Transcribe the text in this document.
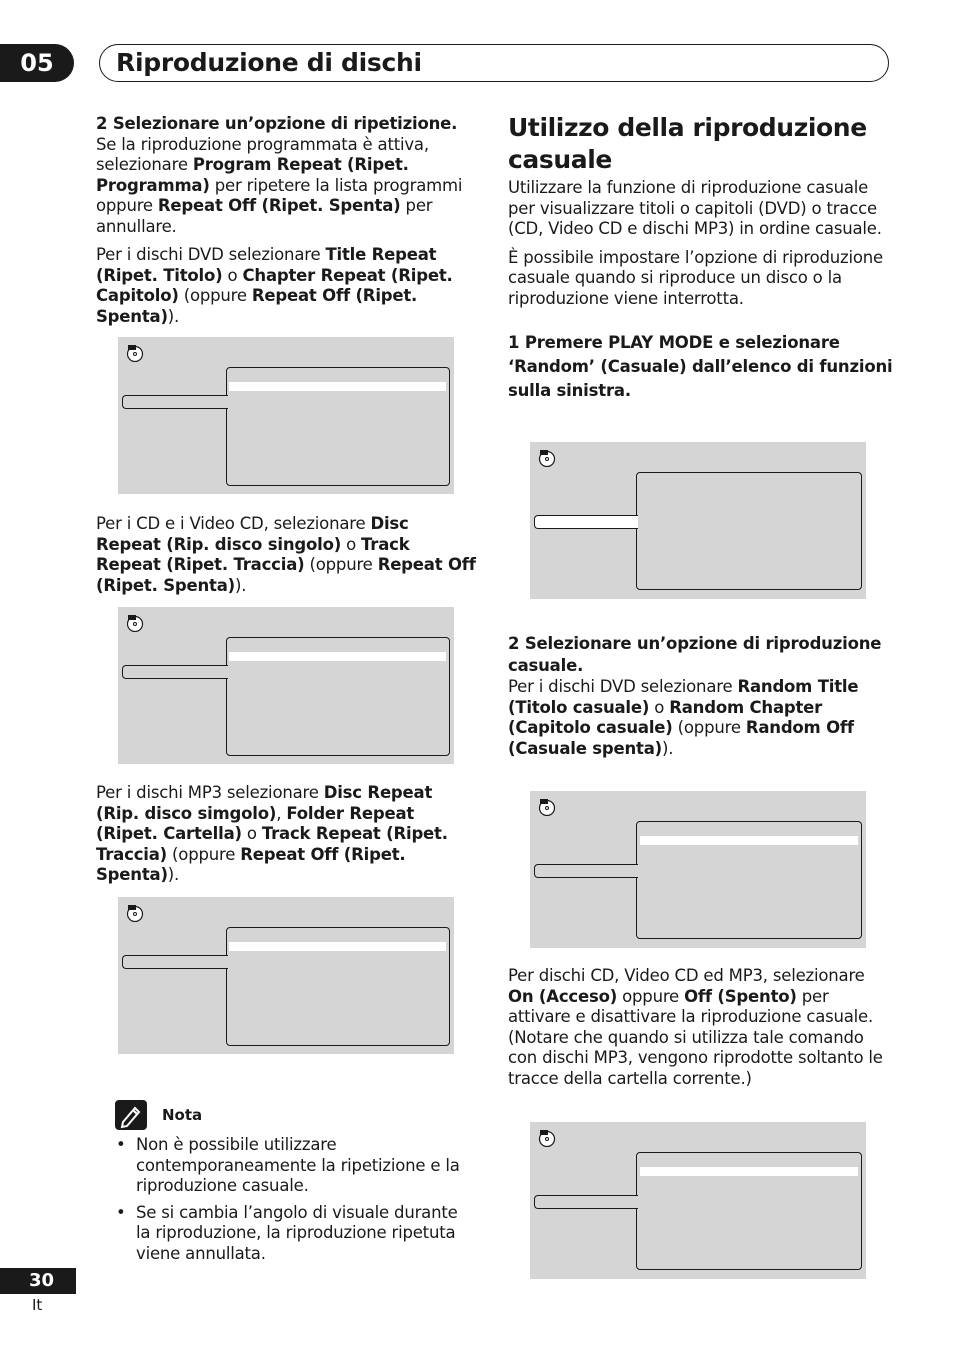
05	Riproduzione di dischi

2 Selezionare un’opzione di ripetizione.

Se la riproduzione programmata è attiva, selezionare Program Repeat (Ripet. Programma) per ripetere la lista programmi oppure Repeat Off (Ripet. Spenta) per annullare.

Per i dischi DVD selezionare Title Repeat (Ripet. Titolo) o Chapter Repeat (Ripet. Capitolo) (oppure Repeat Off (Ripet. Spenta)).

Per i CD e i Video CD, selezionare Disc Repeat (Rip. disco singolo) o Track Repeat (Ripet. Traccia) (oppure Repeat Off (Ripet. Spenta)).

Per i dischi MP3 selezionare Disc Repeat (Rip. disco simgolo), Folder Repeat (Ripet. Cartella) o Track Repeat (Ripet. Traccia) (oppure Repeat Off (Ripet. Spenta)).

Nota
• Non è possibile utilizzare contemporaneamente la ripetizione e la riproduzione casuale.
• Se si cambia l’angolo di visuale durante la riproduzione, la riproduzione ripetuta viene annullata.
Utilizzo della riproduzione casuale

Utilizzare la funzione di riproduzione casuale per visualizzare titoli o capitoli (DVD) o tracce (CD, Video CD e dischi MP3) in ordine casuale.

È possibile impostare l’opzione di riproduzione casuale quando si riproduce un disco o la riproduzione viene interrotta.

1 Premere PLAY MODE e selezionare ‘Random’ (Casuale) dall’elenco di funzioni sulla sinistra.

2 Selezionare un’opzione di riproduzione casuale.

Per i dischi DVD selezionare Random Title (Titolo casuale) o Random Chapter (Capitolo casuale) (oppure Random Off (Casuale spenta)).

Per dischi CD, Video CD ed MP3, selezionare On (Acceso) oppure Off (Spento) per attivare e disattivare la riproduzione casuale. (Notare che quando si utilizza tale comando con dischi MP3, vengono riprodotte soltanto le tracce della cartella corrente.)

30
It
